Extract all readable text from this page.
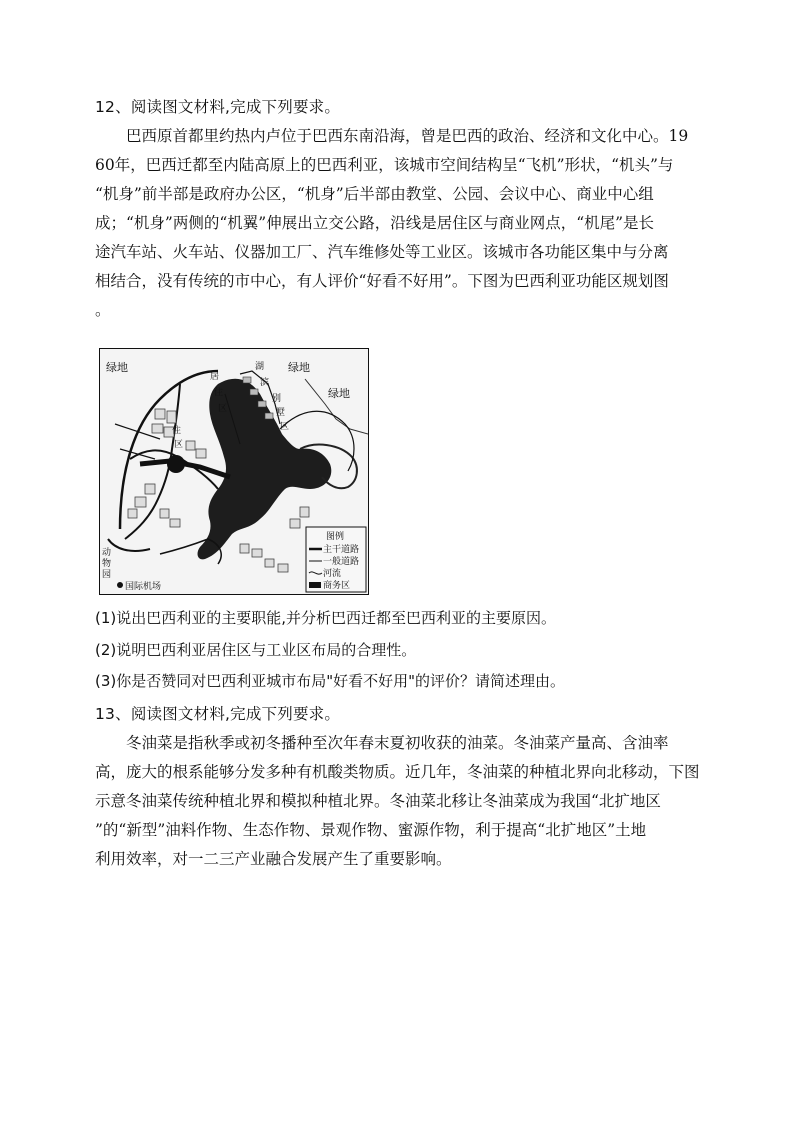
12、阅读图文材料,完成下列要求。

巴西原首都里约热内卢位于巴西东南沿海，曾是巴西的政治、经济和文化中心。19

60年，巴西迁都至内陆高原上的巴西利亚，该城市空间结构呈“飞机”形状，“机头”与

“机身”前半部是政府办公区，“机身”后半部由教堂、公园、会议中心、商业中心组

成；“机身”两侧的“机翼”伸展出立交公路，沿线是居住区与商业网点，“机尾”是长

途汽车站、火车站、仪器加工厂、汽车维修处等工业区。该城市各功能区集中与分离

相结合，没有传统的市中心，有人评价“好看不好用”。下图为巴西利亚功能区规划图

。

绿地	绿地
绿地
湖
滨
别
墅
区
居
住
区
住
区
动
物
园
国际机场
图例
主干道路
一般道路
河流
商务区
(1)说出巴西利亚的主要职能,并分析巴西迁都至巴西利亚的主要原因。
(2)说明巴西利亚居住区与工业区布局的合理性。
(3)你是否赞同对巴西利亚城市布局"好看不好用"的评价？请简述理由。
13、阅读图文材料,完成下列要求。

冬油菜是指秋季或初冬播种至次年春末夏初收获的油菜。冬油菜产量高、含油率

高，庞大的根系能够分发多种有机酸类物质。近几年，冬油菜的种植北界向北移动，下图

示意冬油菜传统种植北界和模拟种植北界。冬油菜北移让冬油菜成为我国“北扩地区

”的“新型”油料作物、生态作物、景观作物、蜜源作物，利于提高“北扩地区”土地

利用效率，对一二三产业融合发展产生了重要影响。
